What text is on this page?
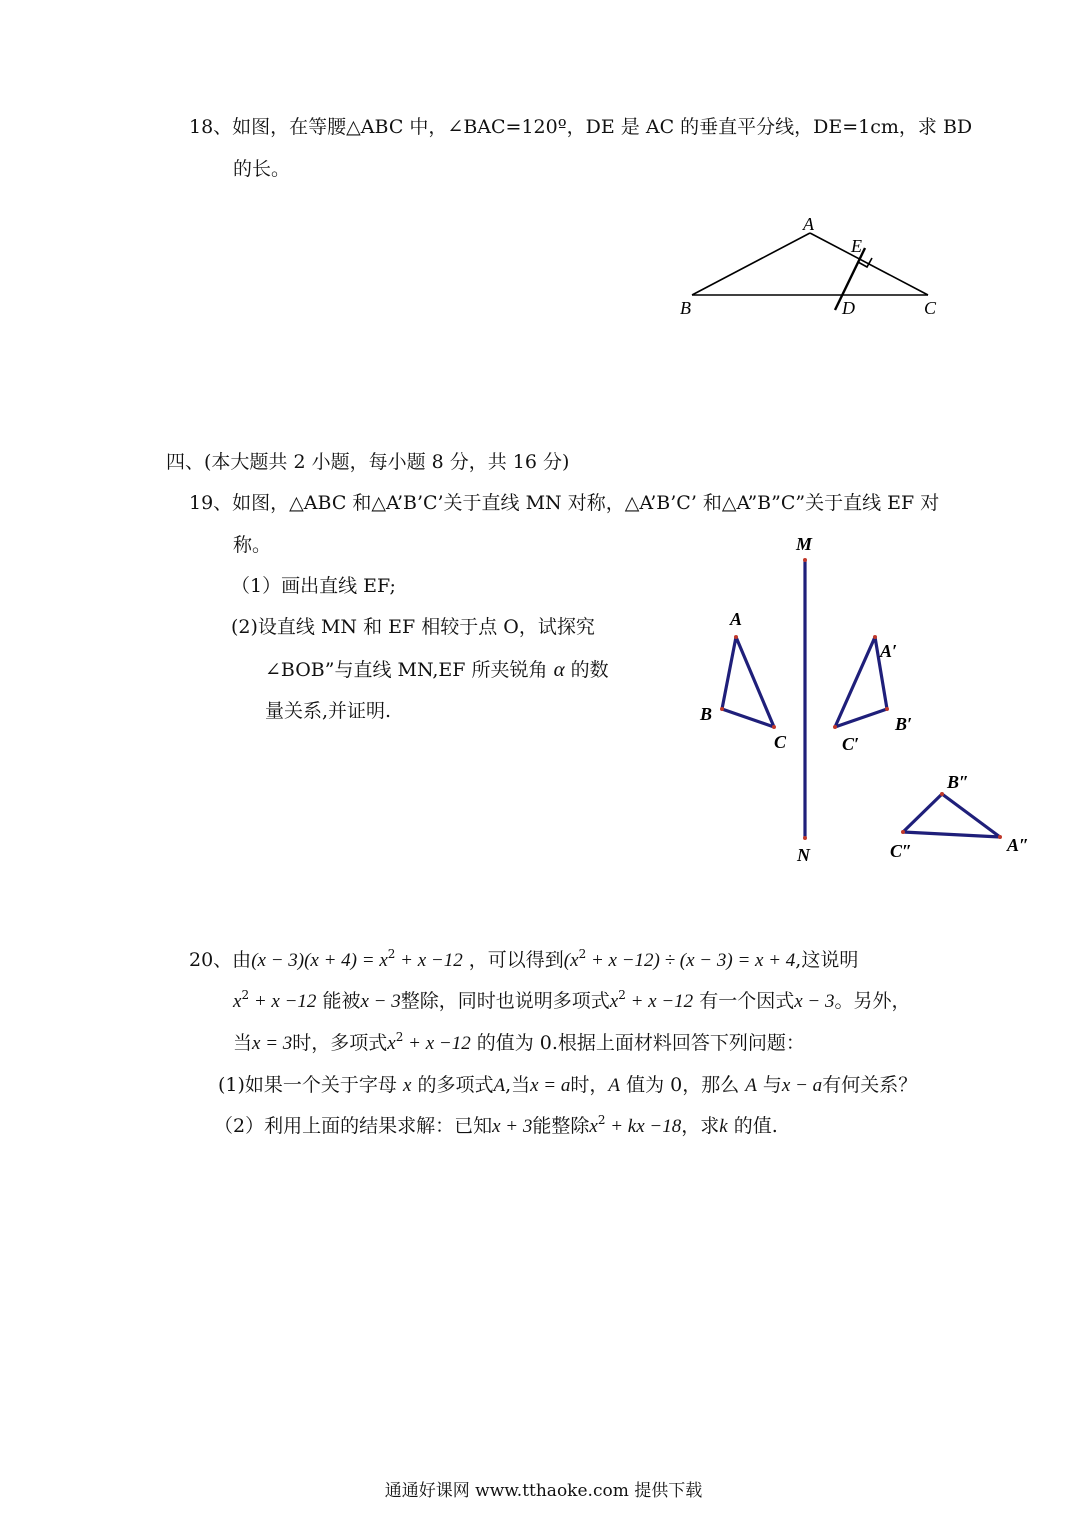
18、如图，在等腰△ABC 中，∠BAC=120º，DE 是 AC 的垂直平分线，DE=1cm，求 BD
的长。
A
E
B	D	C
四、(本大题共 2 小题，每小题 8 分，共 16 分)
19、如图，△ABC 和△A’B’C’关于直线 MN 对称，△A’B’C’ 和△A”B”C”关于直线 EF 对
称。
（1）画出直线 EF;
(2)设直线 MN 和 EF 相较于点 O，试探究
∠BOB”与直线 MN,EF 所夹锐角 α 的数
量关系,并证明.
M
N
A
B
C
A′
B′
C′
B″
C″	A″
20、由$(x - 3)(x + 4) = x^2 + x -12$ ，可以得到$(x^2 + x -12) \div (x - 3) = x + 4$,这说明
$x^2 + x -12$ 能被x − 3整除，同时也说明多项式$x^2 + x -12$ 有一个因式x − 3。另外，
当x = 3时，多项式$x^2 + x -12$ 的值为 0.根据上面材料回答下列问题：
(1)如果一个关于字母 x 的多项式A,当x = a时，A 值为 0，那么 A 与x − a有何关系？
（2）利用上面的结果求解：已知x + 3能整除$x^2$ + kx −18，求k 的值.
通通好课网 www.tthaoke.com 提供下载
